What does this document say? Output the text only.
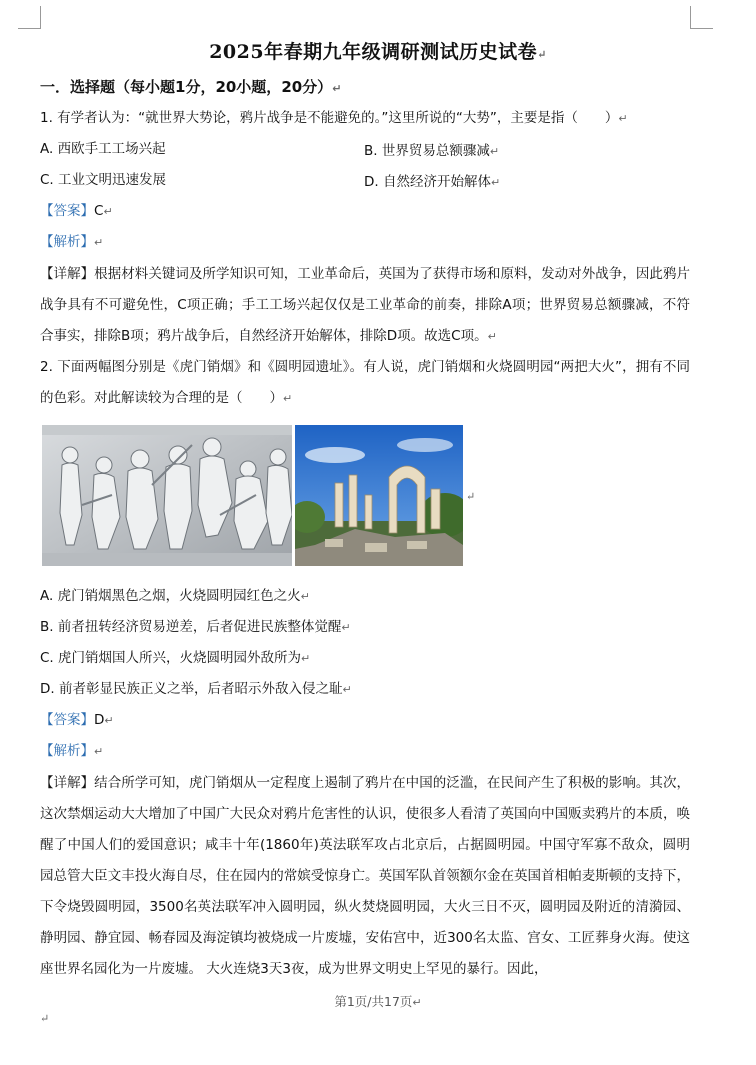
2025年春期九年级调研测试历史试卷↵
一．选择题（每小题1分，20小题，20分）↵
1. 有学者认为：“就世界大势论，鸦片战争是不能避免的。”这里所说的“大势”，主要是指（　　）↵
A. 西欧手工工场兴起	B. 世界贸易总额骤减↵
C. 工业文明迅速发展	D. 自然经济开始解体↵
【答案】C↵
【解析】↵
【详解】根据材料关键词及所学知识可知，工业革命后，英国为了获得市场和原料，发动对外战争，因此鸦片战争具有不可避免性，C项正确；手工工场兴起仅仅是工业革命的前奏，排除A项；世界贸易总额骤减，不符合事实，排除B项；鸦片战争后，自然经济开始解体，排除D项。故选C项。↵
2. 下面两幅图分别是《虎门销烟》和《圆明园遗址》。有人说，虎门销烟和火烧圆明园“两把大火”，拥有不同的色彩。对此解读较为合理的是（　　）↵
↵
A. 虎门销烟黑色之烟，火烧圆明园红色之火↵
B. 前者扭转经济贸易逆差，后者促进民族整体觉醒↵
C. 虎门销烟国人所兴，火烧圆明园外敌所为↵
D. 前者彰显民族正义之举，后者昭示外敌入侵之耻↵
【答案】D↵
【解析】↵
【详解】结合所学可知，虎门销烟从一定程度上遏制了鸦片在中国的泛滥，在民间产生了积极的影响。其次，这次禁烟运动大大增加了中国广大民众对鸦片危害性的认识，使很多人看清了英国向中国贩卖鸦片的本质，唤醒了中国人们的爱国意识；咸丰十年(1860年)英法联军攻占北京后，占据圆明园。中国守军寡不敌众，圆明园总管大臣文丰投火海自尽，住在园内的常嫔受惊身亡。英国军队首领额尔金在英国首相帕麦斯顿的支持下，下令烧毁圆明园，3500名英法联军冲入圆明园，纵火焚烧圆明园，大火三日不灭，圆明园及附近的清漪园、静明园、静宜园、畅春园及海淀镇均被烧成一片废墟，安佑宫中，近300名太监、宫女、工匠葬身火海。使这座世界名园化为一片废墟。 大火连烧3天3夜，成为世界文明史上罕见的暴行。因此，
第1页/共17页↵
↵
